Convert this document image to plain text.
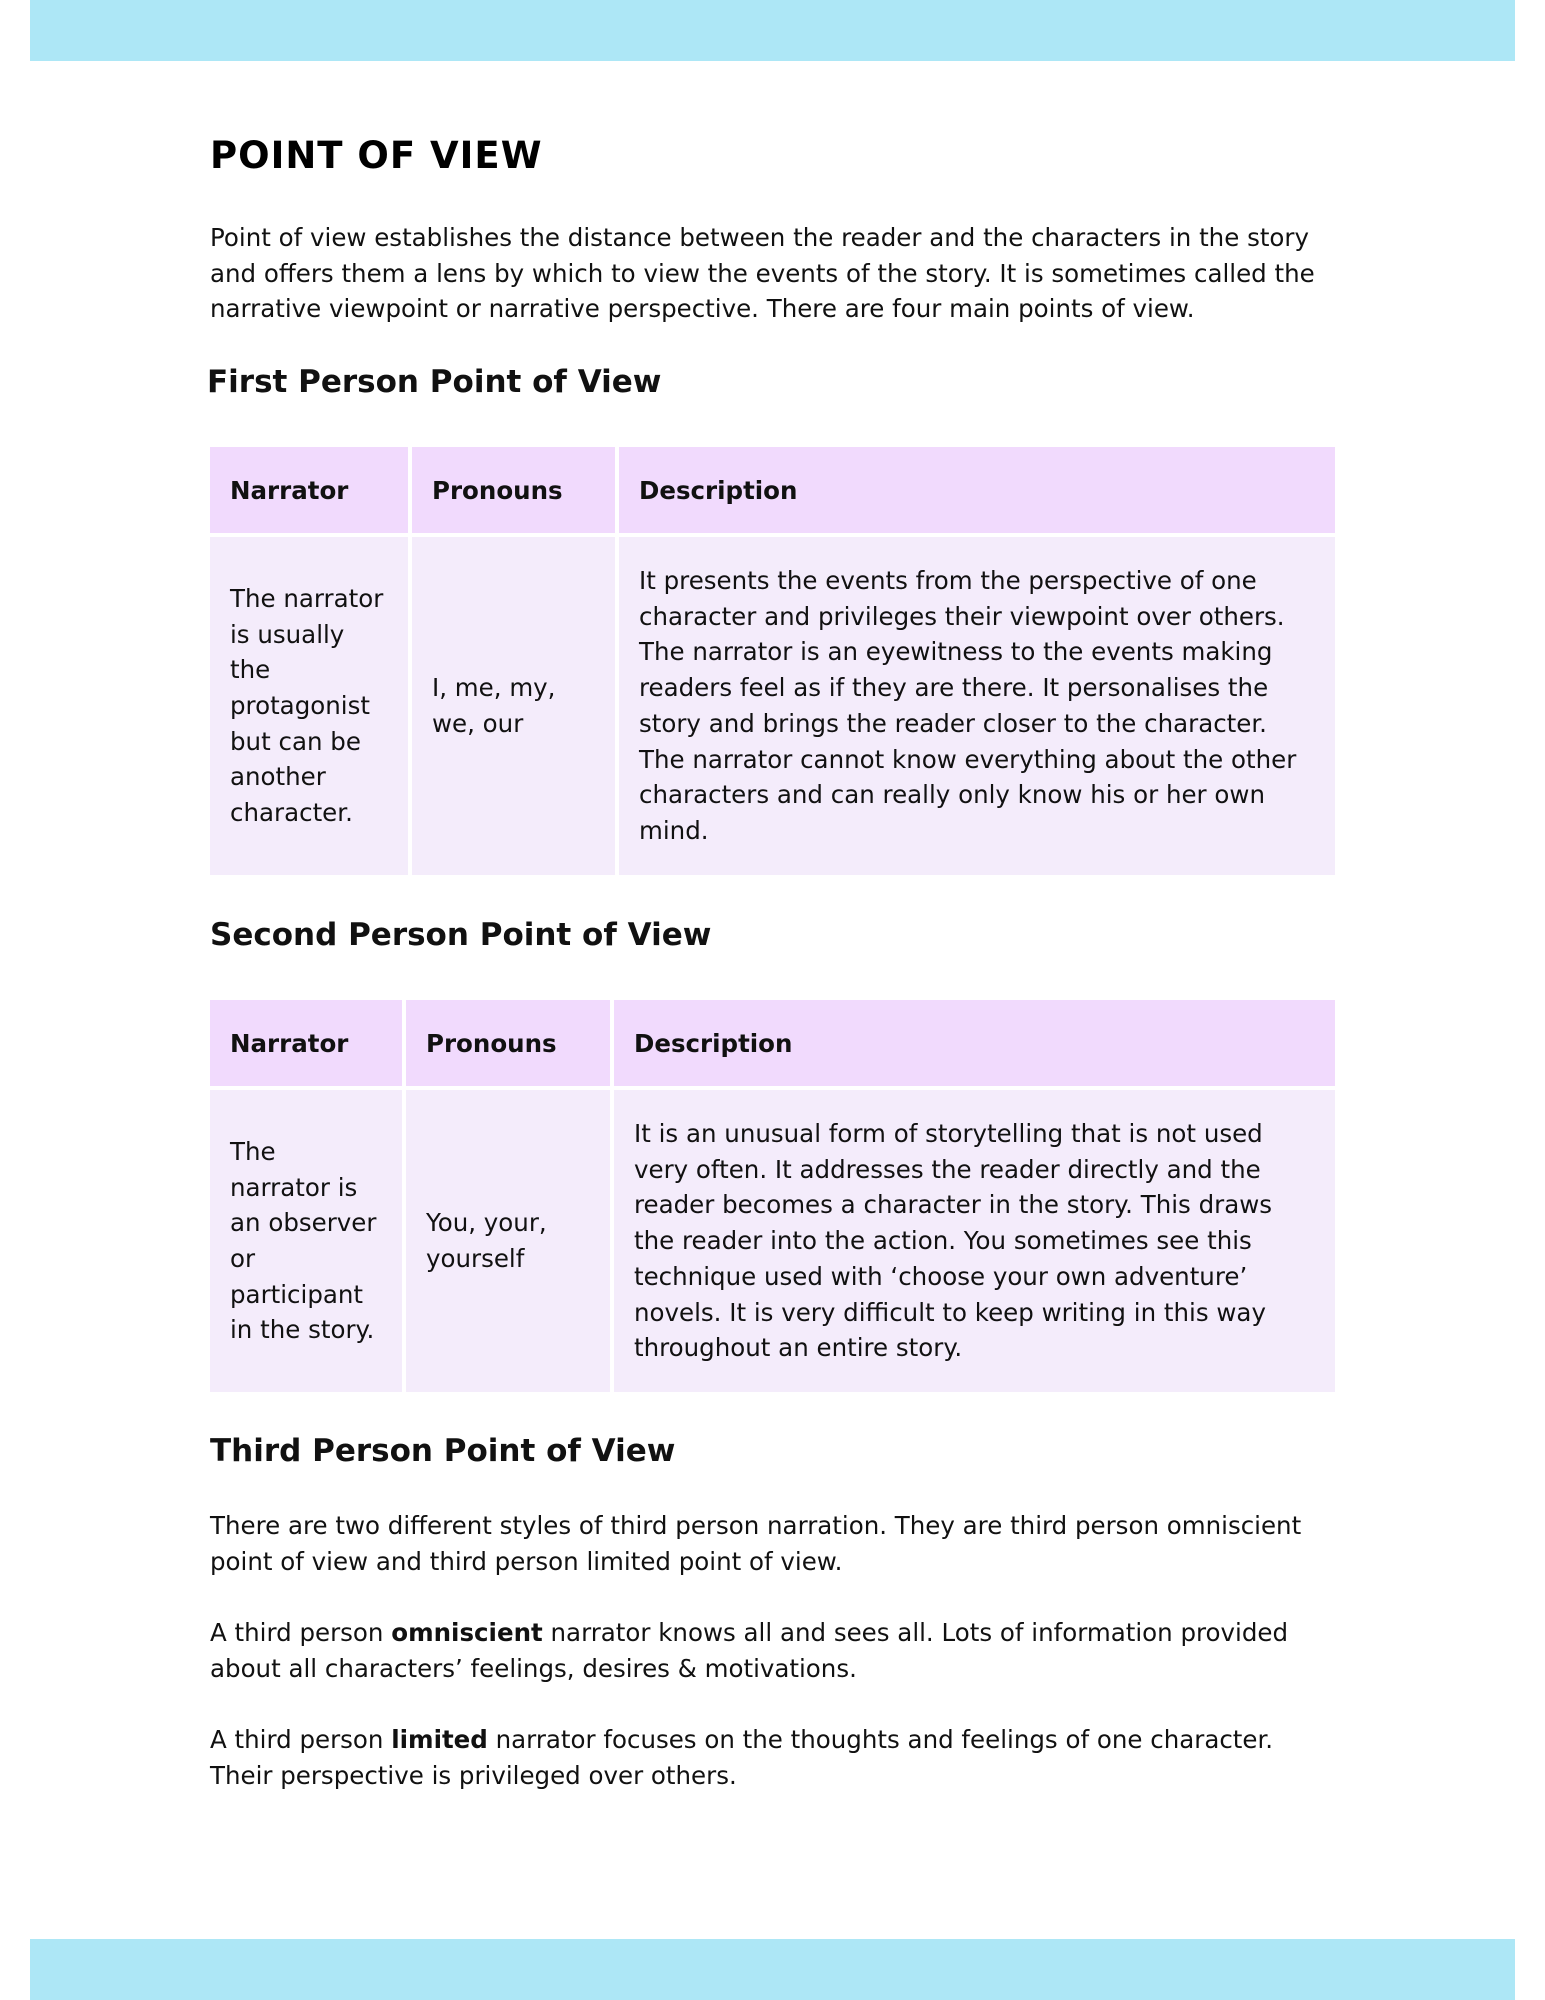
POINT OF VIEW

Point of view establishes the distance between the reader and the characters in the story and offers them a lens by which to view the events of the story. It is sometimes called the narrative viewpoint or narrative perspective. There are four main points of view.

First Person Point of View
Narrator	Pronouns	Description
The narrator is usually the protagonist but can be another character.	I, me, my, we, our	It presents the events from the perspective of one character and privileges their viewpoint over others. The narrator is an eyewitness to the events making readers feel as if they are there. It personalises the story and brings the reader closer to the character. The narrator cannot know everything about the other characters and can really only know his or her own mind.
Second Person Point of View
Narrator	Pronouns	Description
The narrator is an observer or participant in the story.	You, your, yourself	It is an unusual form of storytelling that is not used very often. It addresses the reader directly and the reader becomes a character in the story. This draws the reader into the action. You sometimes see this technique used with ‘choose your own adventure’ novels. It is very difficult to keep writing in this way throughout an entire story.
Third Person Point of View

There are two different styles of third person narration. They are third person omniscient point of view and third person limited point of view.

A third person omniscient narrator knows all and sees all. Lots of information provided about all characters’ feelings, desires & motivations.

A third person limited narrator focuses on the thoughts and feelings of one character. Their perspective is privileged over others.
